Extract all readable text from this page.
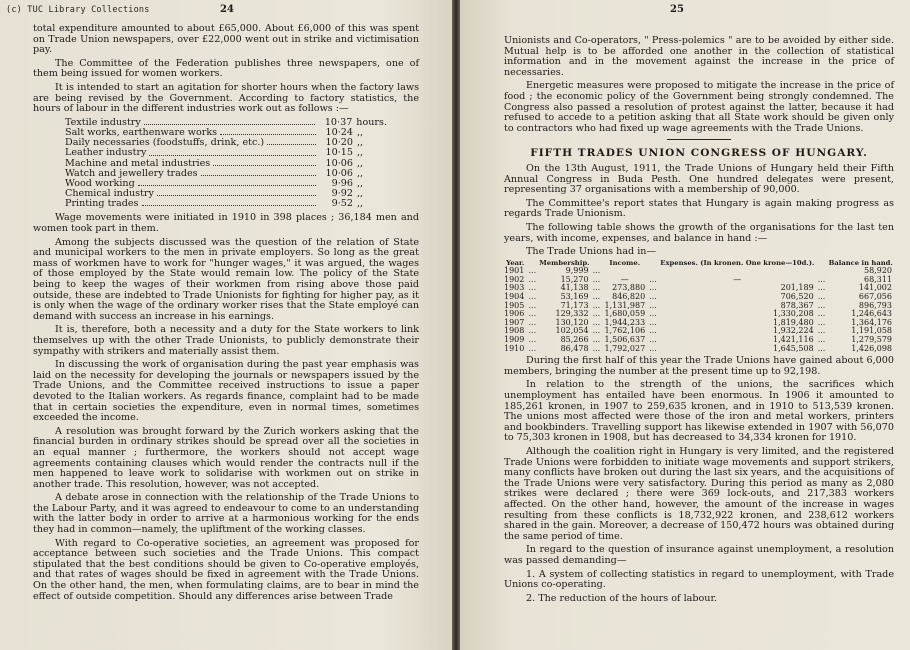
(c) TUC Library Collections	24

total expenditure amounted to about £65,000. About £6,000 of this was spent on Trade Union newspapers, over £22,000 went out in strike and victimisation pay.

The Committee of the Federation publishes three newspapers, one of them being issued for women workers.

It is intended to start an agitation for shorter hours when the factory laws are being revised by the Government. According to factory statistics, the hours of labour in the different industries work out as follows :—

Textile industry	10·37 hours.
Salt works, earthenware works	10·24 ,,
Daily necessaries (foodstuffs, drink, etc.)	10·20 ,,
Leather industry	10·15 ,,
Machine and metal industries	10·06 ,,
Watch and jewellery trades	10·06 ,,
Wood working	9·96 ,,
Chemical industry	9·92 ,,
Printing trades	9·52 ,,

Wage movements were initiated in 1910 in 398 places ; 36,184 men and women took part in them.

Among the subjects discussed was the question of the relation of State and municipal workers to the men in private employers. So long as the great mass of workmen have to work for "hunger wages," it was argued, the wages of those employed by the State would remain low. The policy of the State being to keep the wages of their workmen from rising above those paid outside, these are indebted to Trade Unionists for fighting for higher pay, as it is only when the wage of the ordinary worker rises that the State employé can demand with success an increase in his earnings.

It is, therefore, both a necessity and a duty for the State workers to link themselves up with the other Trade Unionists, to publicly demonstrate their sympathy with strikers and materially assist them.

In discussing the work of organisation during the past year emphasis was laid on the necessity for developing the journals or newspapers issued by the Trade Unions, and the Committee received instructions to issue a paper devoted to the Italian workers. As regards finance, complaint had to be made that in certain societies the expenditure, even in normal times, sometimes exceeded the income.

A resolution was brought forward by the Zurich workers asking that the financial burden in ordinary strikes should be spread over all the societies in an equal manner ; furthermore, the workers should not accept wage agreements containing clauses which would render the contracts null if the men happened to leave work to solidarise with workmen out on strike in another trade. This resolution, however, was not accepted.

A debate arose in connection with the relationship of the Trade Unions to the Labour Party, and it was agreed to endeavour to come to an understanding with the latter body in order to arrive at a harmonious working for the ends they had in common—namely, the upliftment of the working classes.

With regard to Co-operative societies, an agreement was proposed for acceptance between such societies and the Trade Unions. This compact stipulated that the best conditions should be given to Co-operative employés, and that rates of wages should be fixed in agreement with the Trade Unions. On the other hand, the men, when formulating claims, are to bear in mind the effect of outside competition. Should any differences arise between Trade

25

Unionists and Co-operators, " Press-polemics " are to be avoided by either side. Mutual help is to be afforded one another in the collection of statistical information and in the movement against the increase in the price of necessaries.

Energetic measures were proposed to mitigate the increase in the price of food ; the economic policy of the Government being strongly condemned. The Congress also passed a resolution of protest against the latter, because it had refused to accede to a petition asking that all State work should be given only to contractors who had fixed up wage agreements with the Trade Unions.

FIFTH TRADES UNION CONGRESS OF HUNGARY.

On the 13th August, 1911, the Trade Unions of Hungary held their Fifth Annual Congress in Buda Pesth. One hundred delegates were present, representing 37 organisations with a membership of 90,000.

The Committee's report states that Hungary is again making progress as regards Trade Unionism.

The following table shows the growth of the organisations for the last ten years, with income, expenses, and balance in hand :—

The Trade Unions had in—

Year.		Membership.		Income.		Expenses. (In kronen. One krone—10d.).		Balance in hand.
1901	...	9,999	...					58,920
1902	...	15,270	...	—	...	—	...	68,311
1903	...	41,138	...	273,880	...	201,189	...	141,002
1904	...	53,169	...	846,820	...	706,520	...	667,056
1905	...	71,173	...	1,131,987	...	878,367	...	896,793
1906	...	129,332	...	1,680,059	...	1,330,208	...	1,246,643
1907	...	130,120	...	1,944,233	...	1,819,480	...	1,364,176
1908	...	102,054	...	1,762,106	...	1,932,224	...	1,191,058
1909	...	85,266	...	1,506,637	...	1,421,116	...	1,279,579
1910	...	86,478	...	1,792,027	...	1,645,508	...	1,426,098

During the first half of this year the Trade Unions have gained about 6,000 members, bringing the number at the present time up to 92,198.

In relation to the strength of the unions, the sacrifices which unemployment has entailed have been enormous. In 1906 it amounted to 185,261 kronen, in 1907 to 259,635 kronen, and in 1910 to 513,539 kronen. The unions most affected were those of the iron and metal workers, printers and bookbinders. Travelling support has likewise extended in 1907 with 56,070 to 75,303 kronen in 1908, but has decreased to 34,334 kronen for 1910.

Although the coalition right in Hungary is very limited, and the registered Trade Unions were forbidden to initiate wage movements and support strikers, many conflicts have broken out during the last six years, and the acquisitions of the Trade Unions were very satisfactory. During this period as many as 2,080 strikes were declared ; there were 369 lock-outs, and 217,383 workers affected. On the other hand, however, the amount of the increase in wages resulting from these conflicts is 18,732,922 kronen, and 238,612 workers shared in the gain. Moreover, a decrease of 150,472 hours was obtained during the same period of time.

In regard to the question of insurance against unemployment, a resolution was passed demanding—

1. A system of collecting statistics in regard to unemployment, with Trade Unions co-operating.

2. The reduction of the hours of labour.
